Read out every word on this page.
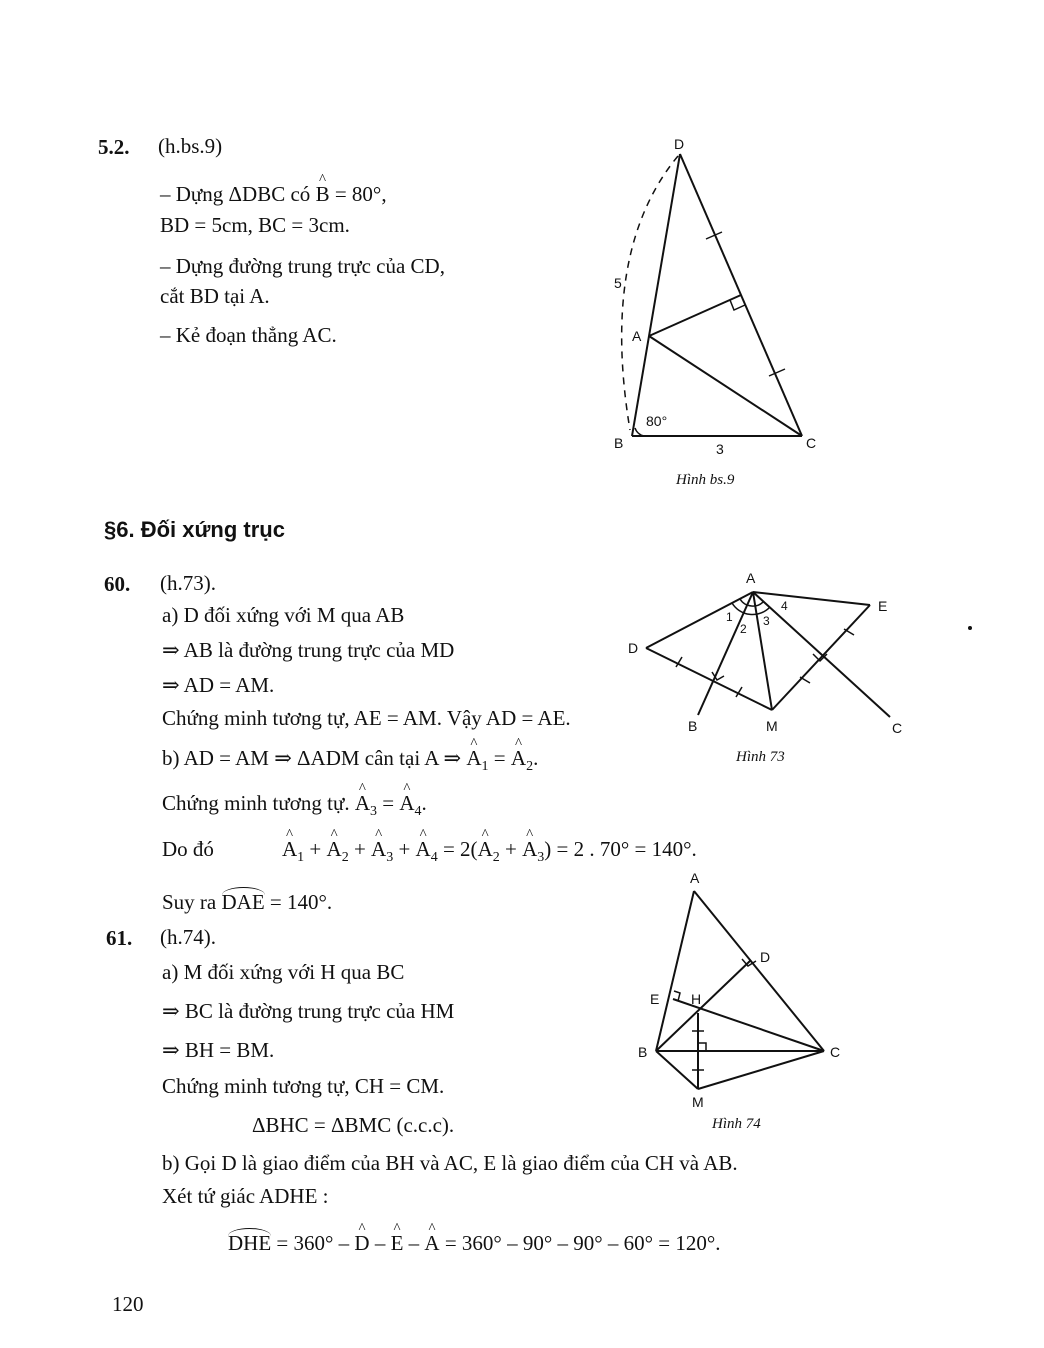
5.2. (h.bs.9)
– Dựng ΔDBC có ^ B = 80°,
BD = 5cm, BC = 3cm.
– Dựng đường trung trực của CD,
cắt BD tại A.
– Kẻ đoạn thẳng AC.
D
A
B	C
5
3
80°
Hình bs.9
§6. Đối xứng trục
60. (h.73).
a) D đối xứng với M qua AB
⇒ AB là đường trung trực của MD
⇒ AD = AM.
Chứng minh tương tự, AE = AM. Vậy AD = AE.
b) AD = AM ⇒ ΔADM cân tại A ⇒ ^ $A_1$ = ^ $A_2$.
Chứng minh tương tự. ^ $A_3$ = ^ $A_4$.
Do đó
^	$A_1$ + ^ $A_2$ + ^ $A_3$ + ^ $A_4$ = 2(^ $A_2$ + ^ $A_3) = 2$ . 70° = 140°.
Suy ra DAE = 140°.
A
D
E
B	M	C
1
2
3
4
Hình 73
61. (h.74).
a) M đối xứng với H qua BC
⇒ BC là đường trung trực của HM
⇒ BH = BM.
Chứng minh tương tự, CH = CM.
ΔBHC = ΔBMC (c.c.c).
b) Gọi D là giao điểm của BH và AC, E là giao điểm của CH và AB.
Xét tứ giác ADHE :
DHE = 360° – ^ D – ^ E – ^ A = 360° – 90° – 90° – 60° = 120°.
A
D
E H
B	C
M
Hình 74
120
